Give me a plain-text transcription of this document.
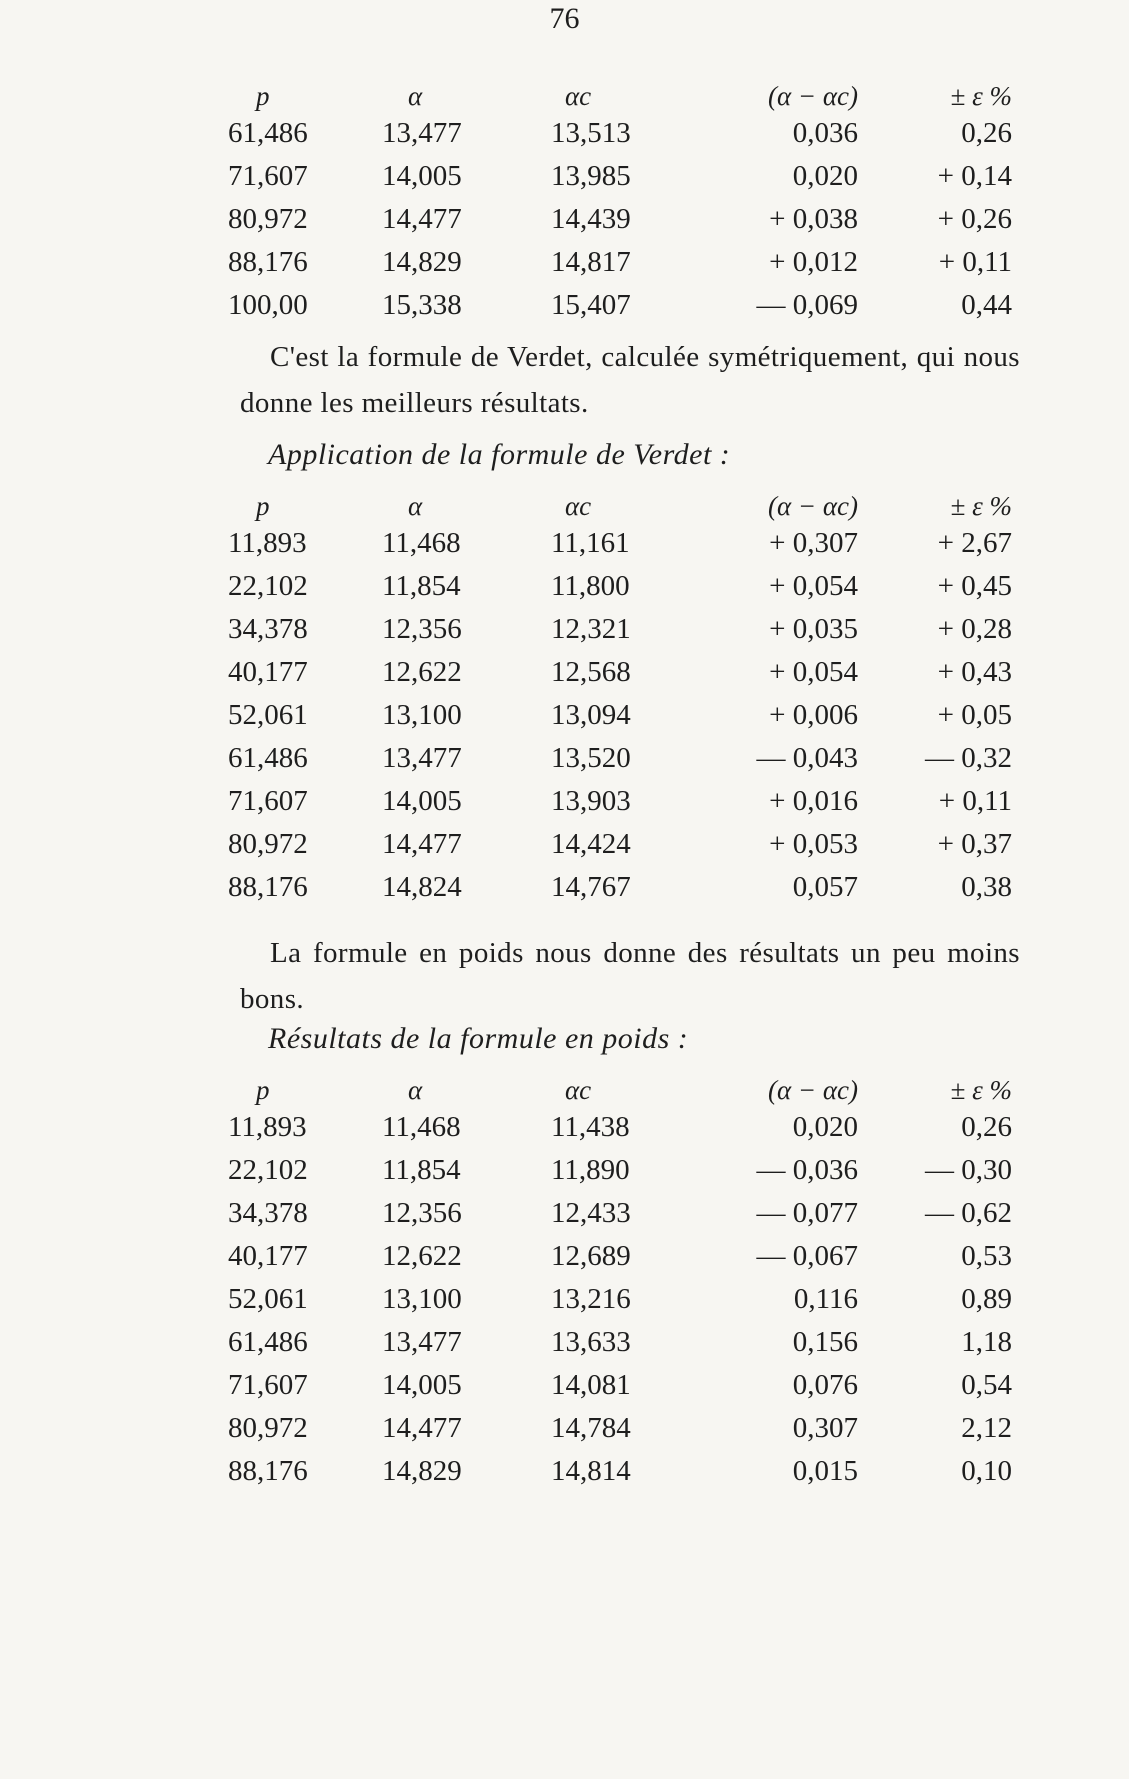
76
p	α	αc	(α − αc)	± ε %
61,486	13,477	13,513	0,036	0,26
71,607	14,005	13,985	0,020	+ 0,14
80,972	14,477	14,439	+ 0,038	+ 0,26
88,176	14,829	14,817	+ 0,012	+ 0,11
100,00	15,338	15,407	— 0,069	0,44

C'est la formule de Verdet, calculée symétriquement, qui nous donne les meilleurs résultats.

Application de la formule de Verdet :

p	α	αc	(α − αc)	± ε %
11,893	11,468	11,161	+ 0,307	+ 2,67
22,102	11,854	11,800	+ 0,054	+ 0,45
34,378	12,356	12,321	+ 0,035	+ 0,28
40,177	12,622	12,568	+ 0,054	+ 0,43
52,061	13,100	13,094	+ 0,006	+ 0,05
61,486	13,477	13,520	— 0,043	— 0,32
71,607	14,005	13,903	+ 0,016	+ 0,11
80,972	14,477	14,424	+ 0,053	+ 0,37
88,176	14,824	14,767	0,057	0,38

La formule en poids nous donne des résultats un peu moins bons.

Résultats de la formule en poids :

p	α	αc	(α − αc)	± ε %
11,893	11,468	11,438	0,020	0,26
22,102	11,854	11,890	— 0,036	— 0,30
34,378	12,356	12,433	— 0,077	— 0,62
40,177	12,622	12,689	— 0,067	0,53
52,061	13,100	13,216	0,116	0,89
61,486	13,477	13,633	0,156	1,18
71,607	14,005	14,081	0,076	0,54
80,972	14,477	14,784	0,307	2,12
88,176	14,829	14,814	0,015	0,10
